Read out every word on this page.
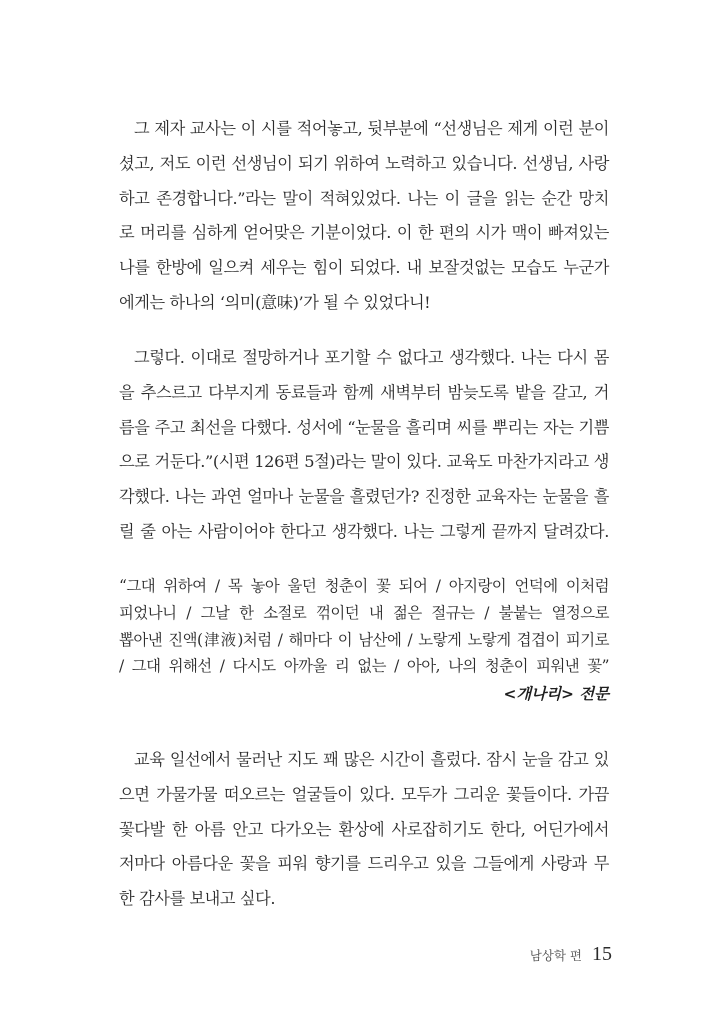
그 제자 교사는 이 시를 적어놓고, 뒷부분에 “선생님은 제게 이런 분이
셨고, 저도 이런 선생님이 되기 위하여 노력하고 있습니다. 선생님, 사랑
하고 존경합니다.”라는 말이 적혀있었다. 나는 이 글을 읽는 순간 망치
로 머리를 심하게 얻어맞은 기분이었다. 이 한 편의 시가 맥이 빠져있는
나를 한방에 일으켜 세우는 힘이 되었다. 내 보잘것없는 모습도 누군가
에게는 하나의 ‘의미(意味)’가 될 수 있었다니!
그렇다. 이대로 절망하거나 포기할 수 없다고 생각했다. 나는 다시 몸
을 추스르고 다부지게 동료들과 함께 새벽부터 밤늦도록 밭을 갈고, 거
름을 주고 최선을 다했다. 성서에 “눈물을 흘리며 씨를 뿌리는 자는 기쁨
으로 거둔다.”(시편 126편 5절)라는 말이 있다. 교육도 마찬가지라고 생
각했다. 나는 과연 얼마나 눈물을 흘렸던가? 진정한 교육자는 눈물을 흘
릴 줄 아는 사람이어야 한다고 생각했다. 나는 그렇게 끝까지 달려갔다.
“그대 위하여 / 목 놓아 울던 청춘이 꽃 되어 / 아지랑이 언덕에 이처럼
피었나니 / 그날 한 소절로 꺾이던 내 젊은 절규는 / 불붙는 열정으로
뽑아낸 진액(津液)처럼 / 해마다 이 남산에 / 노랗게 노랗게 겹겹이 피기로
/ 그대 위해선 / 다시도 아까울 리 없는 / 아아, 나의 청춘이 피워낸 꽃”
<개나리> 전문
교육 일선에서 물러난 지도 꽤 많은 시간이 흘렀다. 잠시 눈을 감고 있
으면 가물가물 떠오르는 얼굴들이 있다. 모두가 그리운 꽃들이다. 가끔
꽃다발 한 아름 안고 다가오는 환상에 사로잡히기도 한다, 어딘가에서
저마다 아름다운 꽃을 피워 향기를 드리우고 있을 그들에게 사랑과 무
한 감사를 보내고 싶다.
남상학 편 15
